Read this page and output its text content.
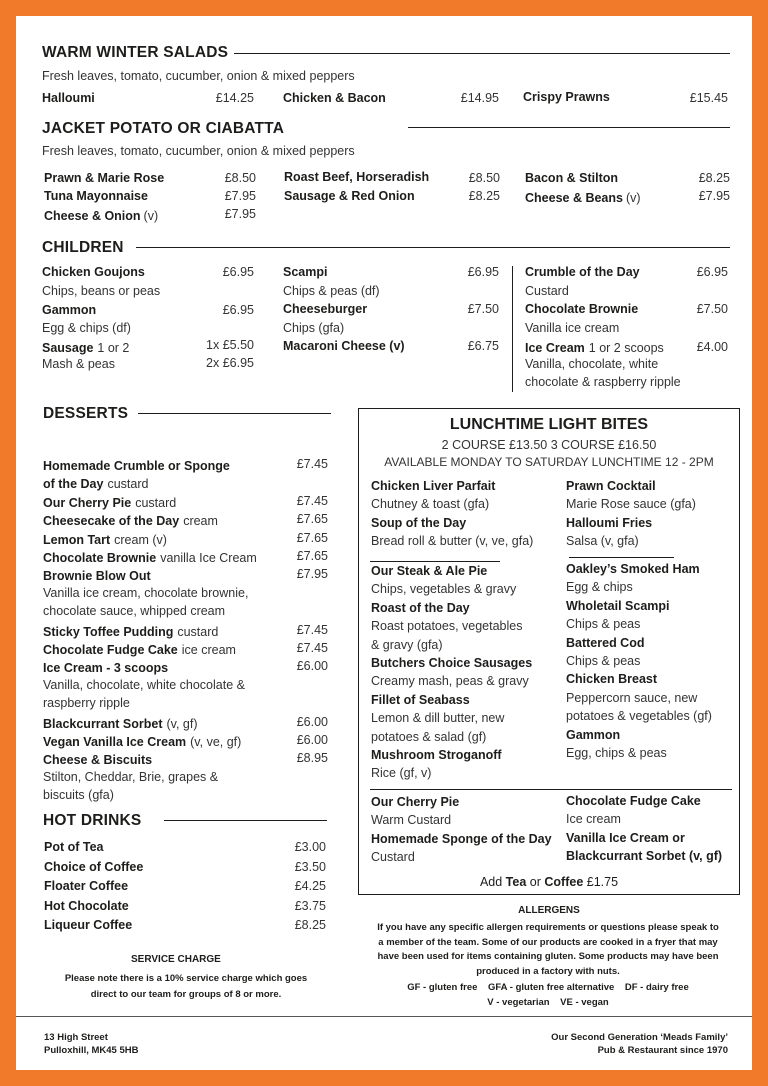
WARM WINTER SALADS
Fresh leaves, tomato, cucumber, onion & mixed peppers
Halloumi	£14.25 Chicken & Bacon	£14.95 Crispy Prawns	£15.45
JACKET POTATO OR CIABATTA
Fresh leaves, tomato, cucumber, onion & mixed peppers
Prawn & Marie Rose	£8.50
Tuna Mayonnaise	£7.95
Cheese & Onion (v)	£7.95
Roast Beef, Horseradish	£8.50
Sausage & Red Onion	£8.25
Bacon & Stilton	£8.25
Cheese & Beans (v)	£7.95
CHILDREN
Chicken Goujons	£6.95
Chips, beans or peas
Gammon	£6.95
Egg & chips (df)
Sausage 1 or 2	1x £5.50
Mash & peas	2x £6.95
Scampi	£6.95
Chips & peas (df)
Cheeseburger	£7.50
Chips (gfa)
Macaroni Cheese (v)	£6.75
Crumble of the Day	£6.95
Custard
Chocolate Brownie	£7.50
Vanilla ice cream
Ice Cream 1 or 2 scoops	£4.00
Vanilla, chocolate, white
chocolate & raspberry ripple
DESSERTS
HOT DRINKS
SERVICE CHARGE
Please note there is a 10% service charge which goes
direct to our team for groups of 8 or more.
LUNCHTIME LIGHT BITES
2 COURSE £13.50 3 COURSE £16.50
AVAILABLE MONDAY TO SATURDAY LUNCHTIME 12 - 2PM
Add Tea or Coffee £1.75
ALLERGENS
If you have any specific allergen requirements or questions please speak to
a member of the team. Some of our products are cooked in a fryer that may
have been used for items containing gluten. Some products may have been
produced in a factory with nuts.
GF - gluten free    GFA - gluten free alternative    DF - dairy free
V - vegetarian    VE - vegan
13 High Street
Pulloxhill, MK45 5HB
Our Second Generation ‘Meads Family’
Pub & Restaurant since 1970
Homemade Crumble or Sponge	£7.45
of the Day custard
Our Cherry Pie custard	£7.45
Cheesecake of the Day cream	£7.65
Lemon Tart cream (v)	£7.65
Chocolate Brownie vanilla Ice Cream	£7.65
Brownie Blow Out	£7.95
Vanilla ice cream, chocolate brownie,
chocolate sauce, whipped cream
Sticky Toffee Pudding custard	£7.45
Chocolate Fudge Cake ice cream	£7.45
Ice Cream - 3 scoops	£6.00
Vanilla, chocolate, white chocolate &
raspberry ripple
Blackcurrant Sorbet (v, gf)	£6.00
Vegan Vanilla Ice Cream (v, ve, gf)	£6.00
Cheese & Biscuits	£8.95
Stilton, Cheddar, Brie, grapes &
biscuits (gfa)
Pot of Tea	£3.00
Choice of Coffee	£3.50
Floater Coffee	£4.25
Hot Chocolate	£3.75
Liqueur Coffee	£8.25
Chicken Liver Parfait
Chutney & toast (gfa)
Soup of the Day
Bread roll & butter (v, ve, gfa)
Prawn Cocktail
Marie Rose sauce (gfa)
Halloumi Fries
Salsa (v, gfa)
Our Steak & Ale Pie
Chips, vegetables & gravy
Roast of the Day
Roast potatoes, vegetables
& gravy (gfa)
Butchers Choice Sausages
Creamy mash, peas & gravy
Fillet of Seabass
Lemon & dill butter, new
potatoes & salad (gf)
Mushroom Stroganoff
Rice (gf, v)
Oakley’s Smoked Ham
Egg & chips
Wholetail Scampi
Chips & peas
Battered Cod
Chips & peas
Chicken Breast
Peppercorn sauce, new
potatoes & vegetables (gf)
Gammon
Egg, chips & peas
Our Cherry Pie
Warm Custard
Homemade Sponge of the Day
Custard
Chocolate Fudge Cake
Ice cream
Vanilla Ice Cream or
Blackcurrant Sorbet (v, gf)
